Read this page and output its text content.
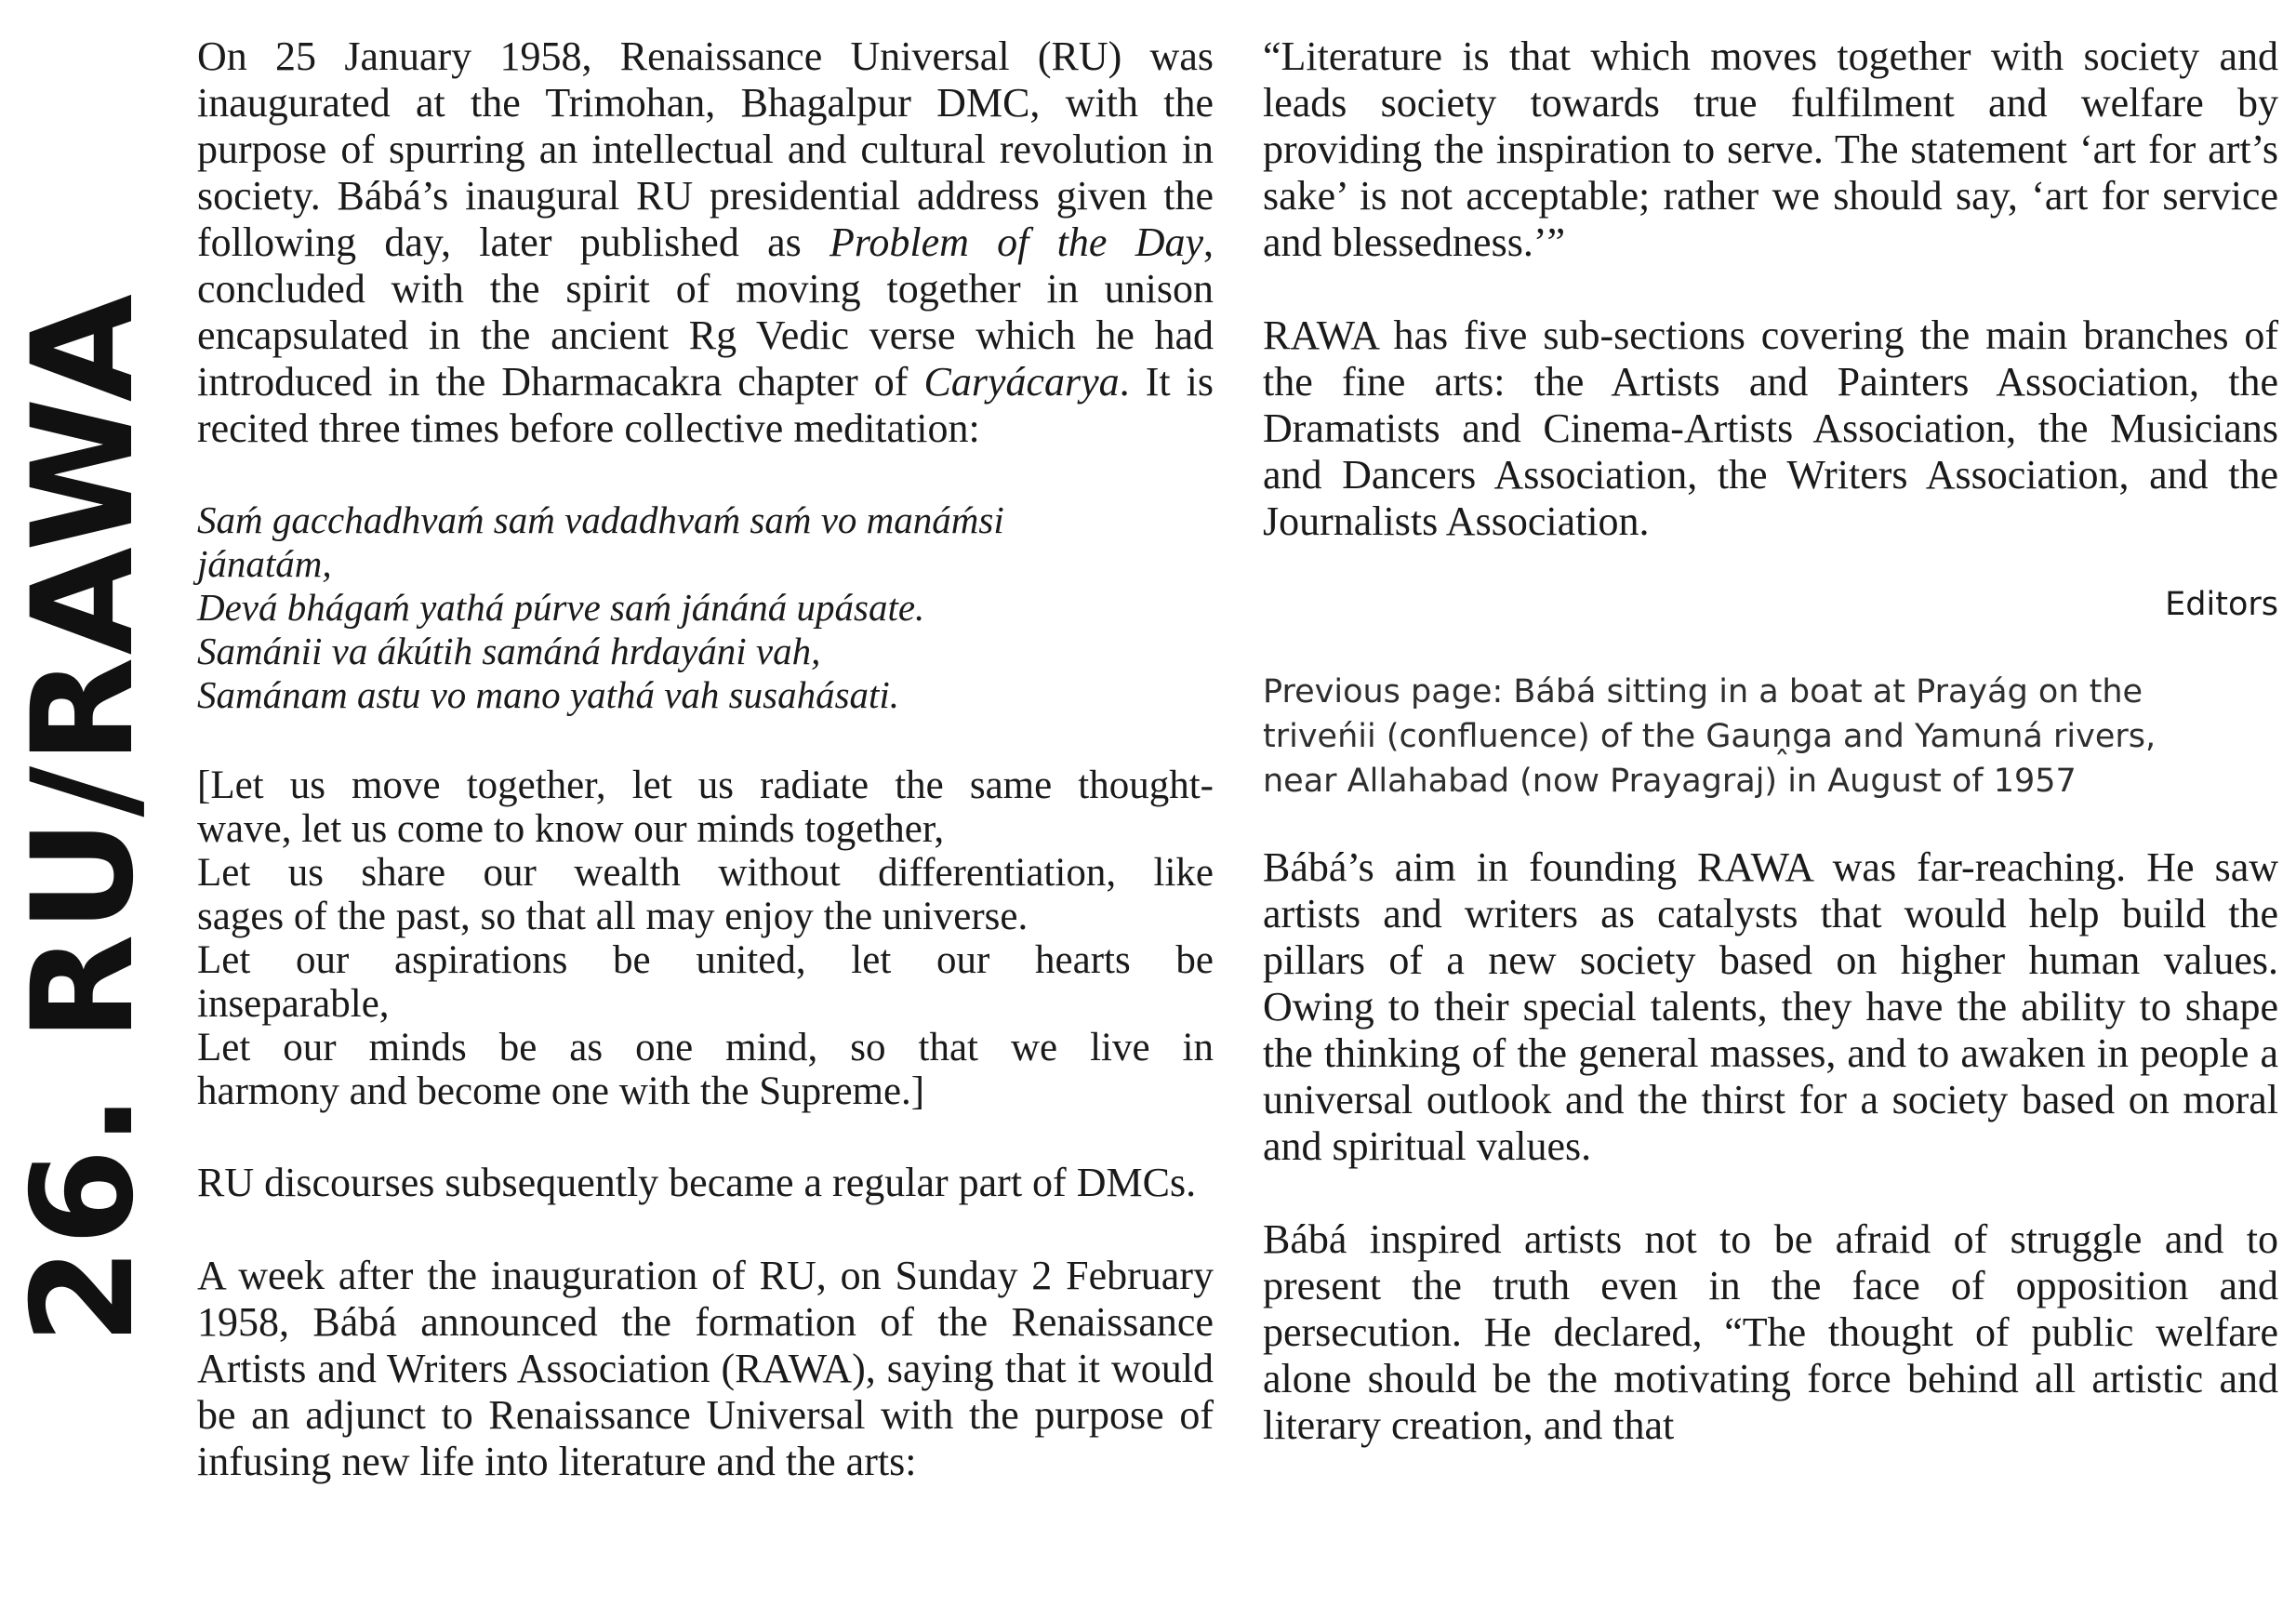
26. RU/RAWA

On 25 January 1958, Renaissance Universal (RU) was inaugurated at the Trimohan, Bhagalpur DMC, with the purpose of spurring an intellectual and cultural revolution in society. Bábá’s inaugural RU presidential address given the following day, later published as Problem of the Day, concluded with the spirit of moving together in unison encapsulated in the ancient Rg Vedic verse which he had introduced in the Dharmacakra chapter of Caryácarya. It is recited three times before collective meditation:

Saḿ gacchadhvaḿ saḿ vadadhvaḿ saḿ vo manáḿsi
jánatám,
Devá bhágaḿ yathá púrve saḿ jánáná upásate.
Samánii va ákútih samáná hrdayáni vah,
Samánam astu vo mano yathá vah susahásati.
[Let us move together, let us radiate the same thought-
wave, let us come to know our minds together,
Let us share our wealth without differentiation, like
sages of the past, so that all may enjoy the universe.
Let our aspirations be united, let our hearts be
inseparable,
Let our minds be as one mind, so that we live in
harmony and become one with the Supreme.]

RU discourses subsequently became a regular part of DMCs.

A week after the inauguration of RU, on Sunday 2 February 1958, Bábá announced the formation of the Renaissance Artists and Writers Association (RAWA), saying that it would be an adjunct to Renaissance Universal with the purpose of infusing new life into literature and the arts:

“Literature is that which moves together with society and leads society towards true fulfilment and welfare by providing the inspiration to serve. The statement ‘art for art’s sake’ is not acceptable; rather we should say, ‘art for service and blessedness.’”

RAWA has five sub-sections covering the main branches of the fine arts: the Artists and Painters Association, the Dramatists and Cinema-Artists Association, the Musicians and Dancers Association, the Writers Association, and the Journalists Association.

Editors

Previous page: Bábá sitting in a boat at Prayág on the
triveńii (confluence) of the Gauṋga and Yamuná rivers,
near Allahabad (now Prayagraj) in August of 1957

Bábá’s aim in founding RAWA was far-reaching. He saw artists and writers as catalysts that would help build the pillars of a new society based on higher human values. Owing to their special talents, they have the ability to shape the thinking of the general masses, and to awaken in people a universal outlook and the thirst for a society based on moral and spiritual values.

Bábá inspired artists not to be afraid of struggle and to present the truth even in the face of opposition and persecution. He declared, “The thought of public welfare alone should be the motivating force behind all artistic and literary creation, and that
